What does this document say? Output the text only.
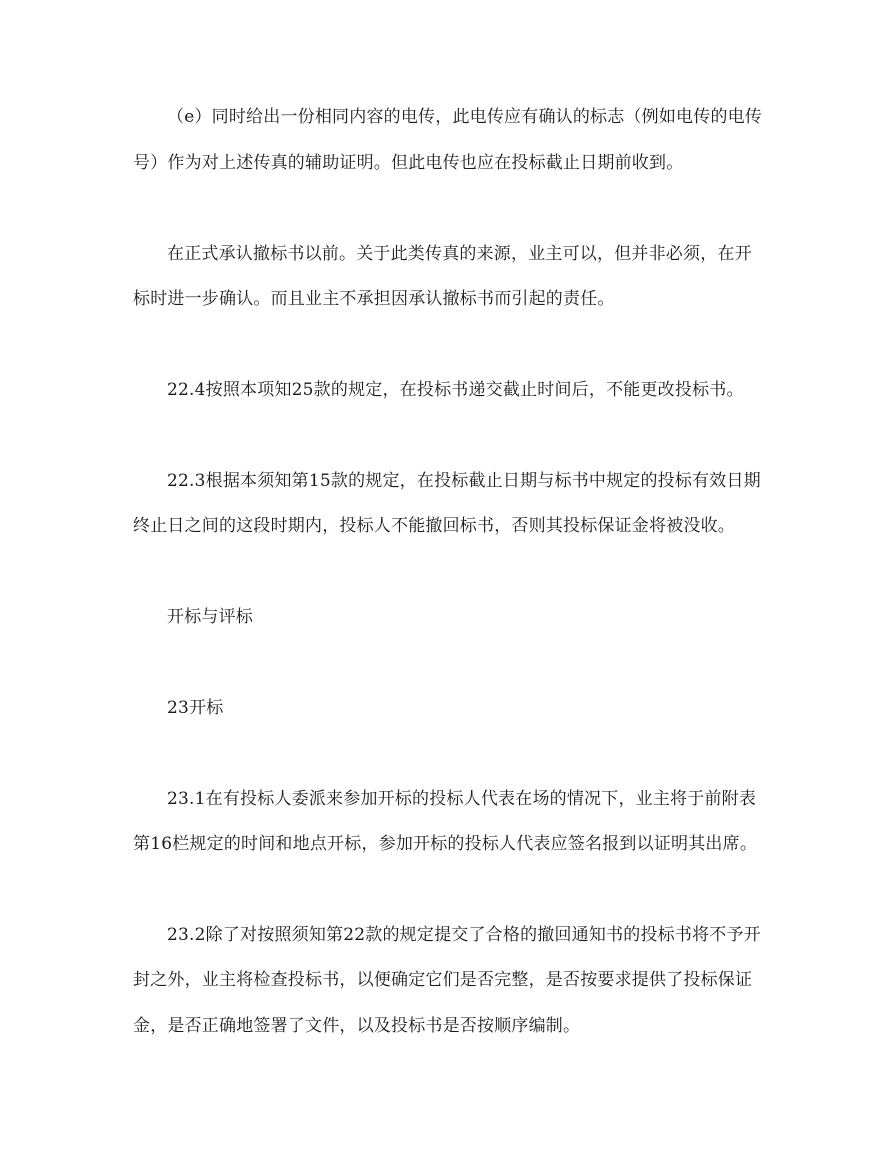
（e）同时给出一份相同内容的电传，此电传应有确认的标志（例如电传的电传
号）作为对上述传真的辅助证明。但此电传也应在投标截止日期前收到。
在正式承认撤标书以前。关于此类传真的来源，业主可以，但并非必须，在开
标时进一步确认。而且业主不承担因承认撤标书而引起的责任。
22.4按照本项知25款的规定，在投标书递交截止时间后，不能更改投标书。
22.3根据本须知第15款的规定，在投标截止日期与标书中规定的投标有效日期
终止日之间的这段时期内，投标人不能撤回标书，否则其投标保证金将被没收。
开标与评标
23开标
23.1在有投标人委派来参加开标的投标人代表在场的情况下，业主将于前附表
第16栏规定的时间和地点开标，参加开标的投标人代表应签名报到以证明其出席。
23.2除了对按照须知第22款的规定提交了合格的撤回通知书的投标书将不予开
封之外，业主将检查投标书，以便确定它们是否完整，是否按要求提供了投标保证
金，是否正确地签署了文件，以及投标书是否按顺序编制。
